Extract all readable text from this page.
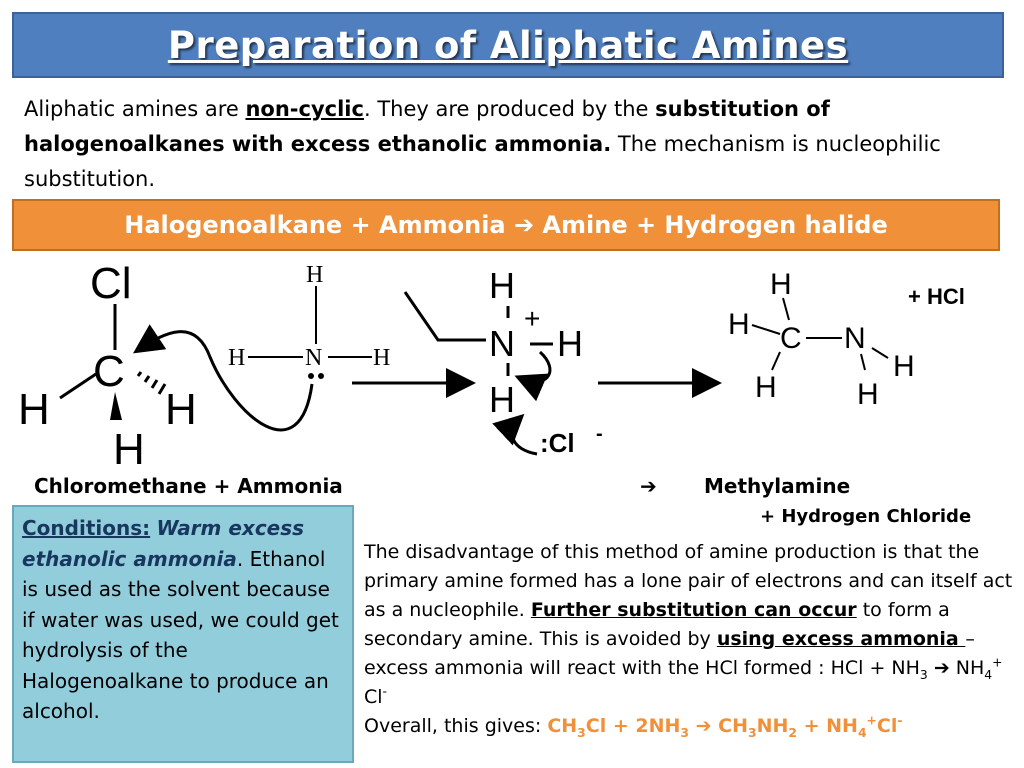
Preparation of Aliphatic Amines
Aliphatic amines are non-cyclic. They are produced by the substitution of halogenoalkanes with excess ethanolic ammonia. The mechanism is nucleophilic substitution.
Halogenoalkane + Ammonia ➔ Amine + Hydrogen halide
Cl
C
H	H
H
H
H N H
H
+
N H
H
:Cl -
H
H C
H
N
H
H
+ HCl
Chloromethane + Ammonia	➔ Methylamine
+ Hydrogen Chloride
Conditions: Warm excess ethanolic ammonia. Ethanol is used as the solvent because if water was used, we could get hydrolysis of the Halogenoalkane to produce an alcohol.
The disadvantage of this method of amine production is that the primary amine formed has a lone pair of electrons and can itself act as a nucleophile. Further substitution can occur to form a secondary amine. This is avoided by using excess ammonia – excess ammonia will react with the HCl formed : HCl + $NH_3$ ➔ $NH_4^+$ Cl-
Overall, this gives: $CH_3Cl + 2NH_3$ ➔ $CH_3NH_2 + NH_4^+Cl^-$
